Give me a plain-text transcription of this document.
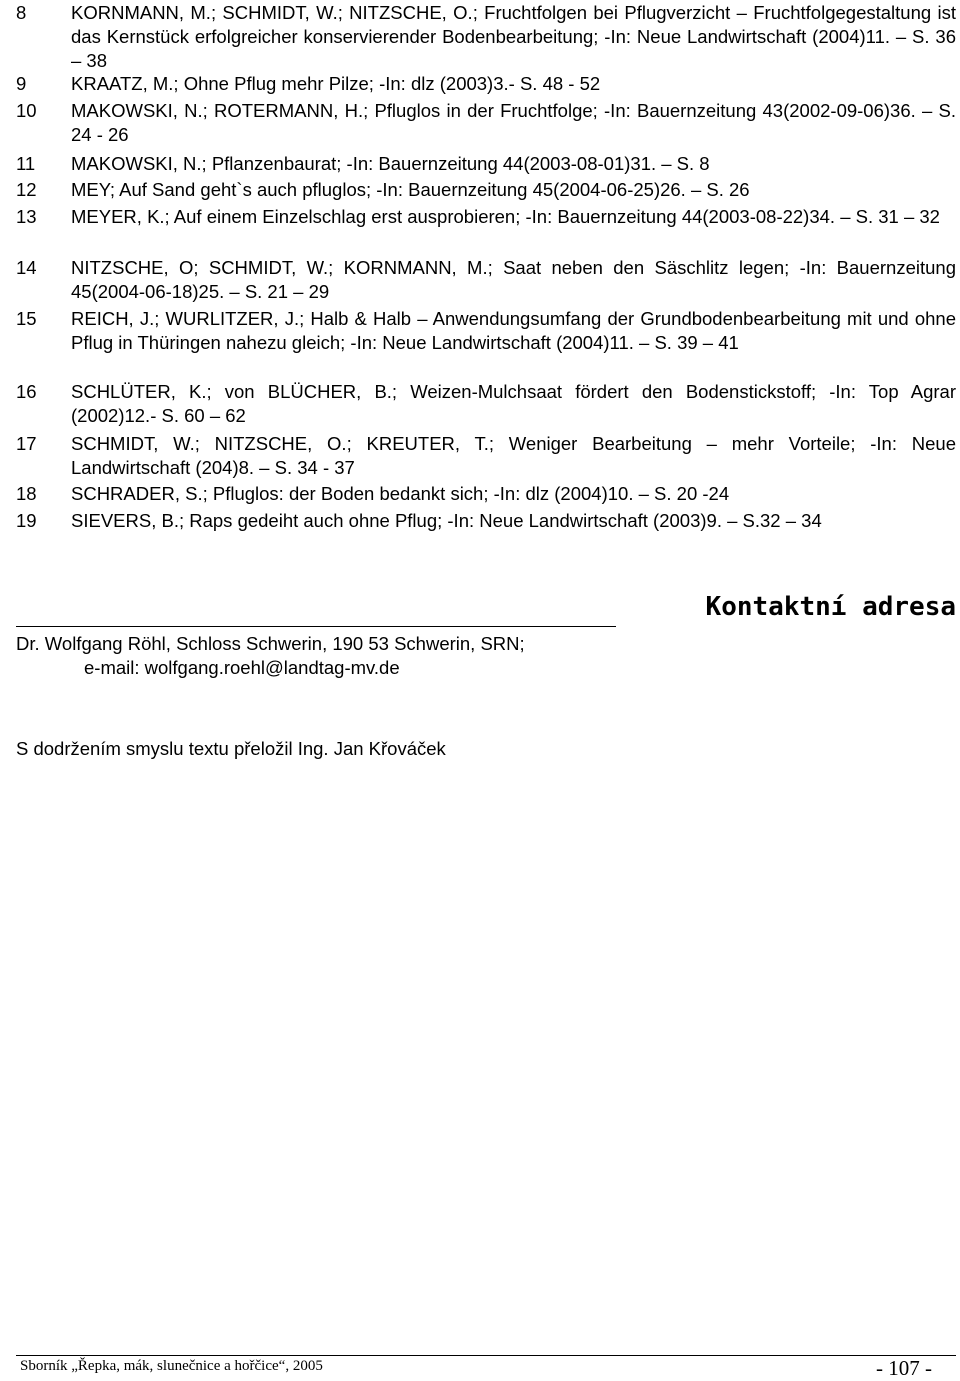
8	KORNMANN, M.; SCHMIDT, W.; NITZSCHE, O.; Fruchtfolgen bei Pflugverzicht – Fruchtfolgegestaltung ist das Kernstück erfolgreicher konservierender Bodenbearbeitung; -In: Neue Landwirtschaft (2004)11. – S. 36 – 38
9	KRAATZ, M.; Ohne Pflug mehr Pilze; -In: dlz (2003)3.- S. 48 - 52
10	MAKOWSKI, N.; ROTERMANN, H.; Pfluglos in der Fruchtfolge; -In: Bauernzeitung 43(2002-09-06)36. – S. 24 - 26
11	MAKOWSKI, N.; Pflanzenbaurat; -In: Bauernzeitung 44(2003-08-01)31. – S. 8
12	MEY; Auf Sand geht`s auch pfluglos; -In: Bauernzeitung 45(2004-06-25)26. – S. 26
13	MEYER, K.; Auf einem Einzelschlag erst ausprobieren; -In: Bauernzeitung 44(2003-08-22)34. – S. 31 – 32
14	NITZSCHE, O; SCHMIDT, W.; KORNMANN, M.; Saat neben den Säschlitz legen; -In: Bauernzeitung 45(2004-06-18)25. – S. 21 – 29
15	REICH, J.; WURLITZER, J.; Halb & Halb – Anwendungsumfang der Grundbodenbearbeitung mit und ohne Pflug in Thüringen nahezu gleich; -In: Neue Landwirtschaft (2004)11. – S. 39 – 41
16	SCHLÜTER, K.; von BLÜCHER, B.; Weizen-Mulchsaat fördert den Bodenstickstoff; -In: Top Agrar (2002)12.- S. 60 – 62
17	SCHMIDT, W.; NITZSCHE, O.; KREUTER, T.; Weniger Bearbeitung – mehr Vorteile; -In: Neue Landwirtschaft (204)8. – S. 34 - 37
18	SCHRADER, S.; Pfluglos: der Boden bedankt sich; -In: dlz (2004)10. – S. 20 -24
19	SIEVERS, B.; Raps gedeiht auch ohne Pflug; -In: Neue Landwirtschaft (2003)9. – S.32 – 34
Kontaktní adresa
Dr. Wolfgang Röhl, Schloss Schwerin, 190 53 Schwerin, SRN;
e-mail: wolfgang.roehl@landtag-mv.de
S dodržením smyslu textu přeložil Ing. Jan Křováček
Sborník „Řepka, mák, slunečnice a hořčice“, 2005	- 107 -
